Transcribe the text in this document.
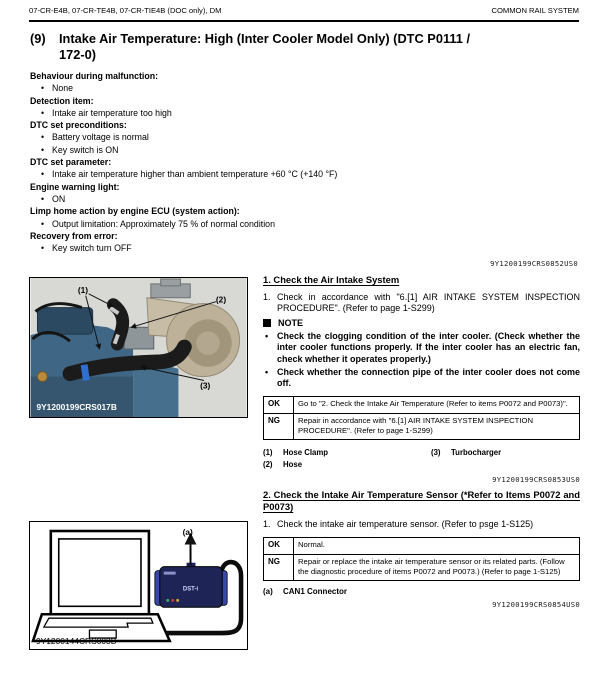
07-CR-E4B, 07-CR-TE4B, 07-CR-TIE4B (DOC only), DM	COMMON RAIL SYSTEM
(9)	Intake Air Temperature: High (Inter Cooler Model Only) (DTC P0111 /
172-0)
Behaviour during malfunction:
• None
Detection item:
• Intake air temperature too high
DTC set preconditions:
• Battery voltage is normal
• Key switch is ON
DTC set parameter:
• Intake air temperature higher than ambient temperature +60 °C (+140 °F)
Engine warning light:
• ON
Limp home action by engine ECU (system action):
• Output limitation: Approximately 75 % of normal condition
Recovery from error:
• Key switch turn OFF
9Y1200199CRS0852US0
(1)
(2)
(3)
9Y1200199CRS017B
DST-i
(a)
9Y1200144CRS003B
1. Check the Air Intake System
1. Check in accordance with "6.[1] AIR INTAKE SYSTEM INSPECTION PROCEDURE". (Refer to page 1-S299)
NOTE
• Check the clogging condition of the inter cooler. (Check whether the inter cooler functions properly. If the inter cooler has an electric fan, check whether it operates properly.)
• Check whether the connection pipe of the inter cooler does not come off.
OK	Go to "2. Check the Intake Air Temperature (Refer to items P0072 and P0073)".
NG	Repair in accordance with "6.[1] AIR INTAKE SYSTEM INSPECTION PROCEDURE". (Refer to page 1-S299)
(1)	Hose Clamp
(2)	Hose
(3)	Turbocharger
9Y1200199CRS0853US0
2. Check the Intake Air Temperature Sensor (*Refer to Items P0072 and P0073)
1. Check the intake air temperature sensor. (Refer to psge 1-S125)
OK	Normal.
NG	Repair or replace the intake air temperature sensor or its related parts. (Follow the diagnostic procedure of items P0072 and P0073.) (Refer to page 1-S125)
(a)	CAN1 Connector
9Y1200199CRS0854US0
